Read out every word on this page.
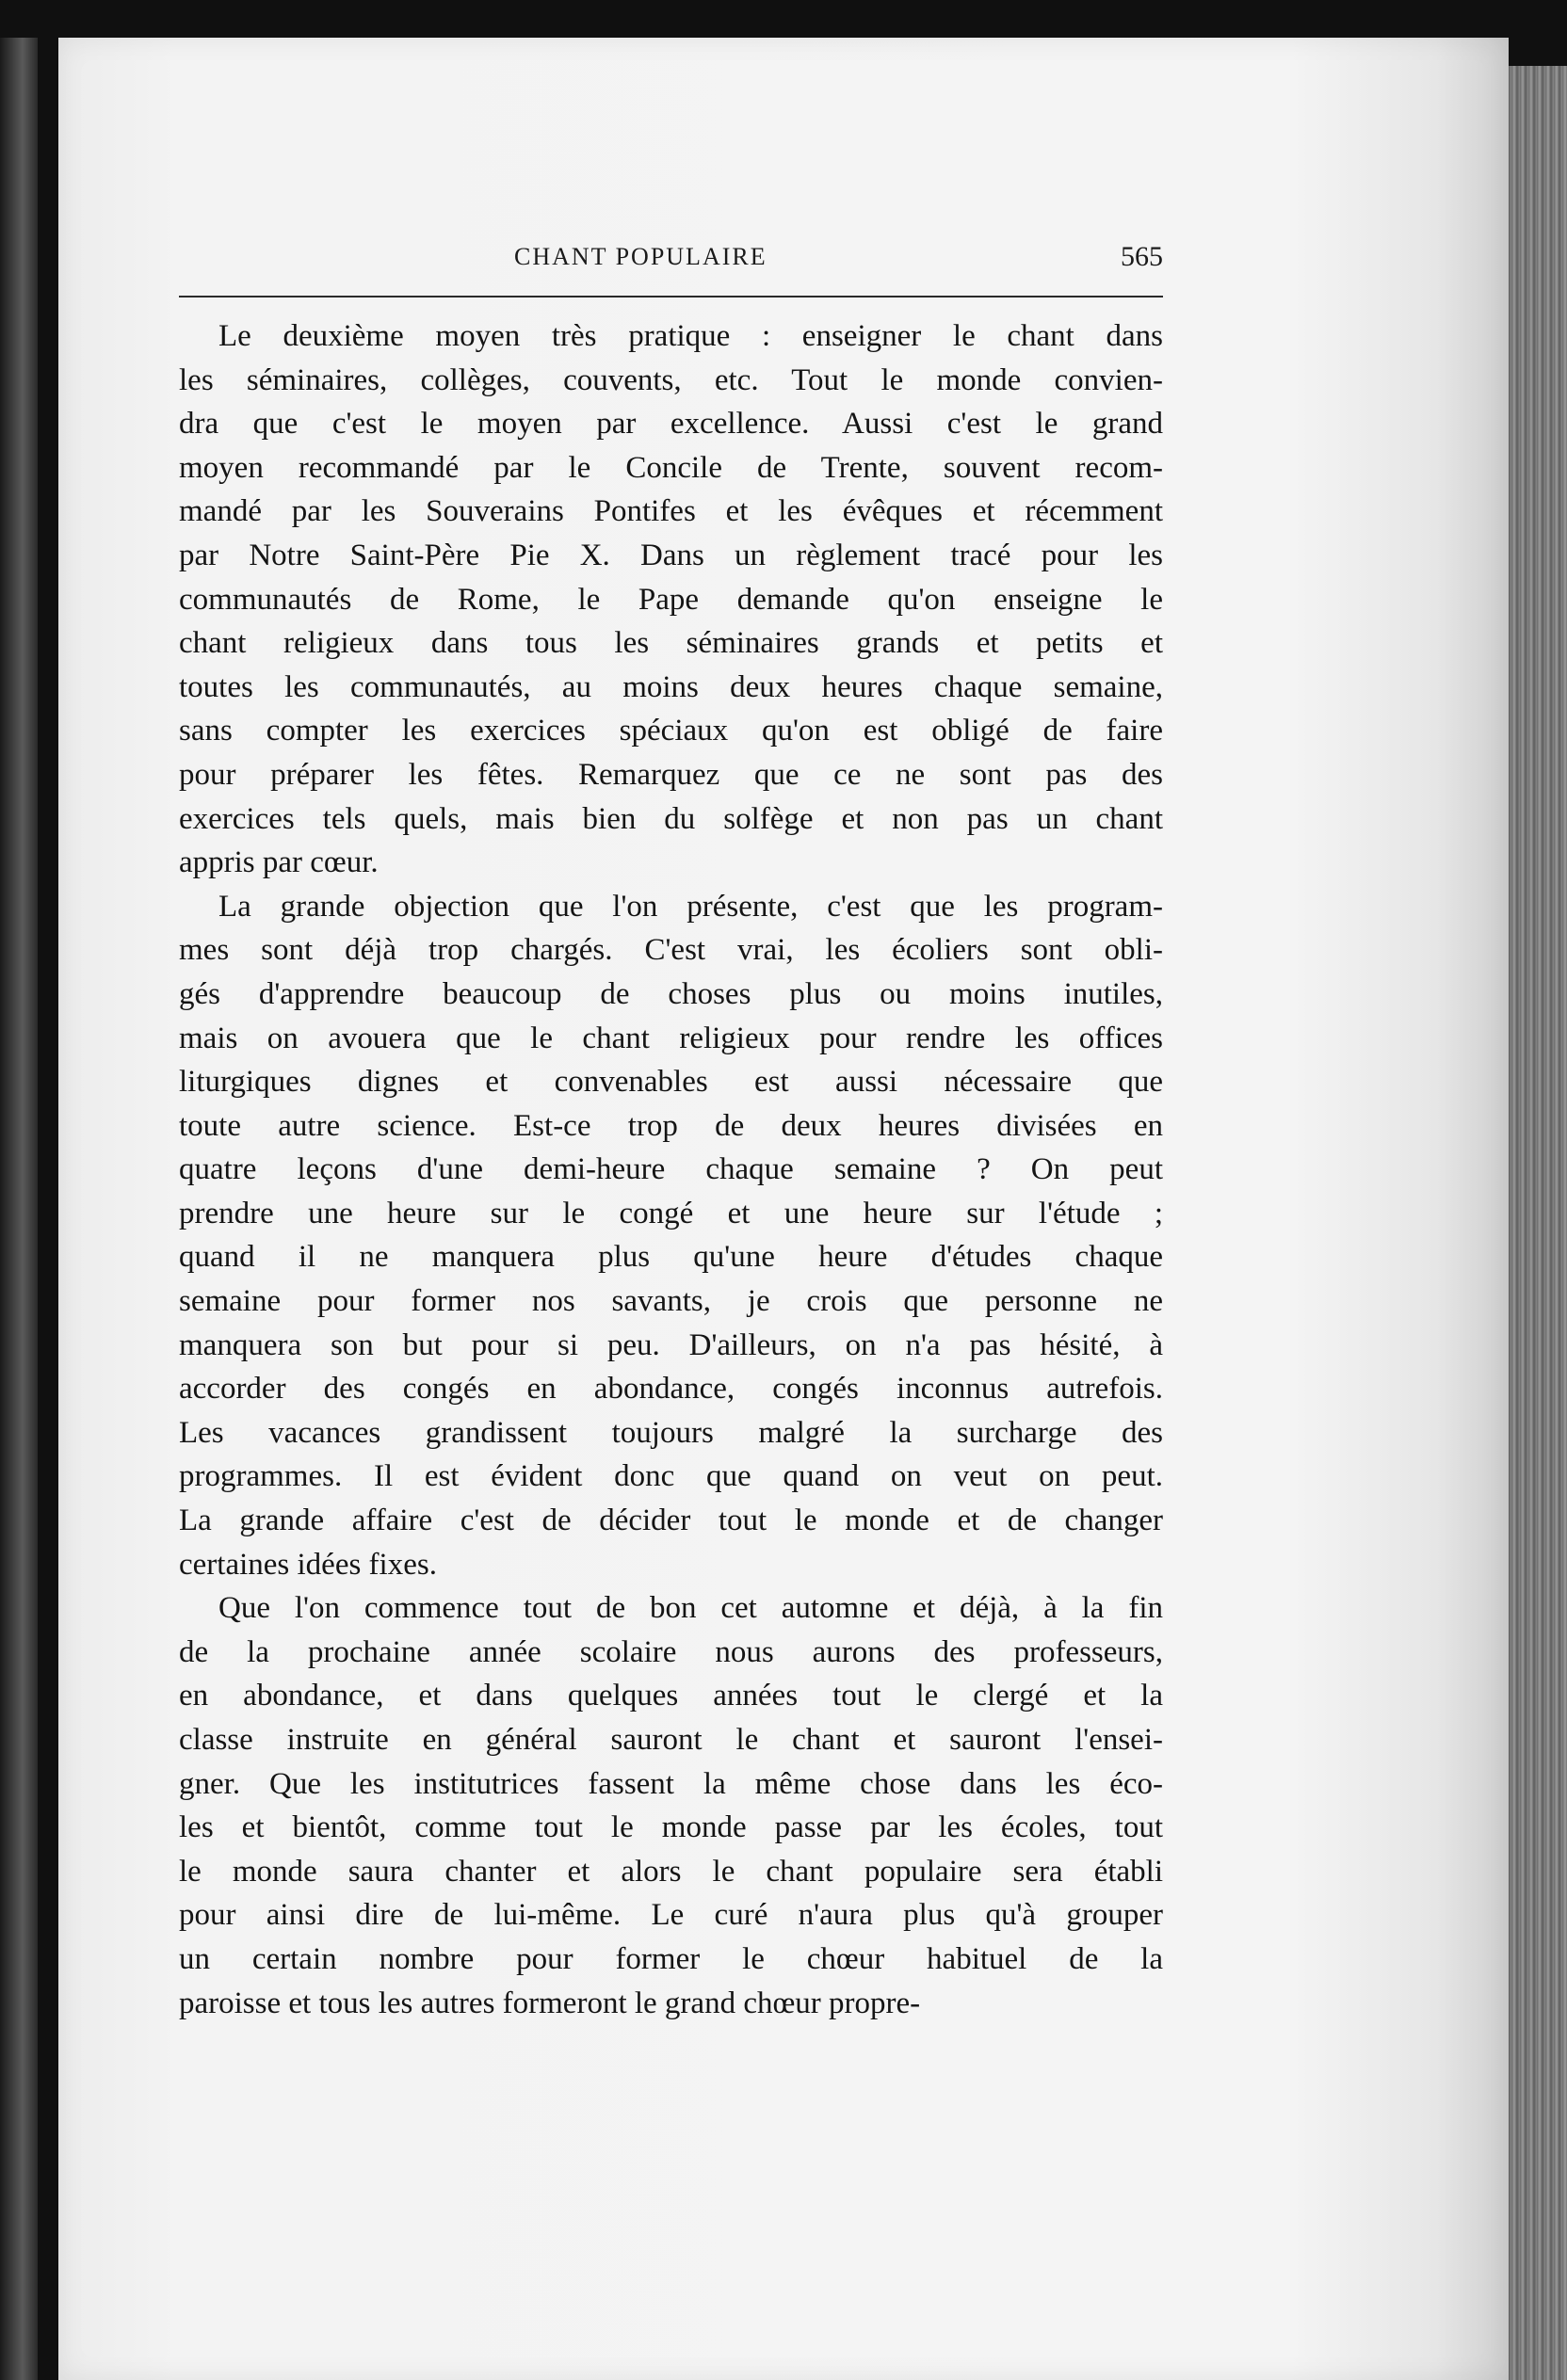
CHANT POPULAIRE	565
Le deuxième moyen très pratique : enseigner le chant dans
les séminaires, collèges, couvents, etc. Tout le monde convien-
dra que c'est le moyen par excellence. Aussi c'est le grand
moyen recommandé par le Concile de Trente, souvent recom-
mandé par les Souverains Pontifes et les évêques et récemment
par Notre Saint-Père Pie X. Dans un règlement tracé pour les
communautés de Rome, le Pape demande qu'on enseigne le
chant religieux dans tous les séminaires grands et petits et
toutes les communautés, au moins deux heures chaque semaine,
sans compter les exercices spéciaux qu'on est obligé de faire
pour préparer les fêtes. Remarquez que ce ne sont pas des
exercices tels quels, mais bien du solfège et non pas un chant
appris par cœur.
La grande objection que l'on présente, c'est que les program-
mes sont déjà trop chargés. C'est vrai, les écoliers sont obli-
gés d'apprendre beaucoup de choses plus ou moins inutiles,
mais on avouera que le chant religieux pour rendre les offices
liturgiques dignes et convenables est aussi nécessaire que
toute autre science. Est-ce trop de deux heures divisées en
quatre leçons d'une demi-heure chaque semaine ? On peut
prendre une heure sur le congé et une heure sur l'étude ;
quand il ne manquera plus qu'une heure d'études chaque
semaine pour former nos savants, je crois que personne ne
manquera son but pour si peu. D'ailleurs, on n'a pas hésité, à
accorder des congés en abondance, congés inconnus autrefois.
Les vacances grandissent toujours malgré la surcharge des
programmes. Il est évident donc que quand on veut on peut.
La grande affaire c'est de décider tout le monde et de changer
certaines idées fixes.
Que l'on commence tout de bon cet automne et déjà, à la fin
de la prochaine année scolaire nous aurons des professeurs,
en abondance, et dans quelques années tout le clergé et la
classe instruite en général sauront le chant et sauront l'ensei-
gner. Que les institutrices fassent la même chose dans les éco-
les et bientôt, comme tout le monde passe par les écoles, tout
le monde saura chanter et alors le chant populaire sera établi
pour ainsi dire de lui-même. Le curé n'aura plus qu'à grouper
un certain nombre pour former le chœur habituel de la
paroisse et tous les autres formeront le grand chœur propre-
